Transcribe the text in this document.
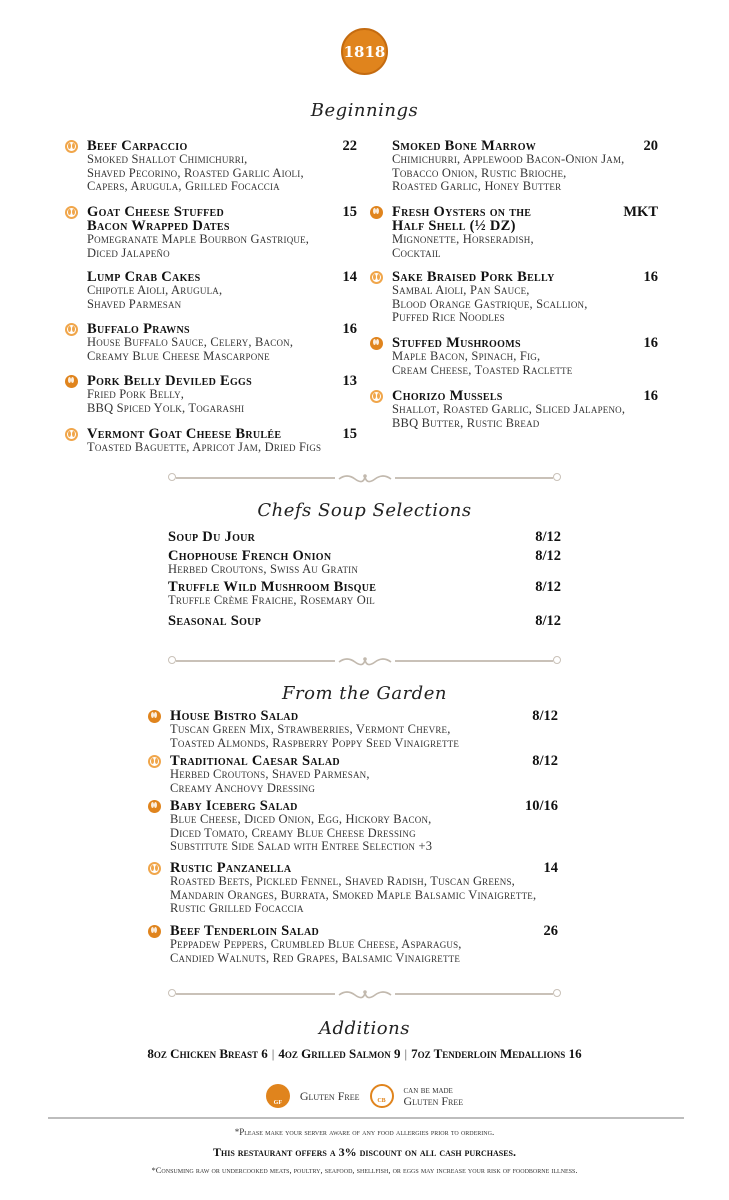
1818
Beginnings
Beef Carpaccio	22
Smoked Shallot Chimichurri,
Shaved Pecorino, Roasted Garlic Aioli,
Capers, Arugula, Grilled Focaccia
Goat Cheese Stuffed
Bacon Wrapped Dates
15
Pomegranate Maple Bourbon Gastrique,
Diced Jalapeño
Lump Crab Cakes	14
Chipotle Aioli, Arugula,
Shaved Parmesan
Buffalo Prawns	16
House Buffalo Sauce, Celery, Bacon,
Creamy Blue Cheese Mascarpone
Pork Belly Deviled Eggs	13
Fried Pork Belly,
BBQ Spiced Yolk, Togarashi
Vermont Goat Cheese Bruléе	15
Toasted Baguette, Apricot Jam, Dried Figs
Smoked Bone Marrow	20
Chimichurri, Applewood Bacon-Onion Jam,
Tobacco Onion, Rustic Brioche,
Roasted Garlic, Honey Butter
Fresh Oysters on the
Half Shell (½ DZ)
MKT
Mignonette, Horseradish,
Cocktail
Sake Braised Pork Belly	16
Sambal Aioli, Pan Sauce,
Blood Orange Gastrique, Scallion,
Puffed Rice Noodles
Stuffed Mushrooms	16
Maple Bacon, Spinach, Fig,
Cream Cheese, Toasted Raclette
Chorizo Mussels	16
Shallot, Roasted Garlic, Sliced Jalapeno,
BBQ Butter, Rustic Bread
Chefs Soup Selections
Soup Du Jour	8/12
Chophouse French Onion	8/12
Herbed Croutons, Swiss Au Gratin
Truffle Wild Mushroom Bisque	8/12
Truffle Crème Fraiche, Rosemary Oil
Seasonal Soup	8/12
From the Garden
House Bistro Salad	8/12
Tuscan Green Mix, Strawberries, Vermont Chevre,
Toasted Almonds, Raspberry Poppy Seed Vinaigrette
Traditional Caesar Salad	8/12
Herbed Croutons, Shaved Parmesan,
Creamy Anchovy Dressing
Baby Iceberg Salad	10/16
Blue Cheese, Diced Onion, Egg, Hickory Bacon,
Diced Tomato, Creamy Blue Cheese Dressing
Substitute Side Salad with Entree Selection +3
Rustic Panzanella	14
Roasted Beets, Pickled Fennel, Shaved Radish, Tuscan Greens,
Mandarin Oranges, Burrata, Smoked Maple Balsamic Vinaigrette,
Rustic Grilled Focaccia
Beef Tenderloin Salad	26
Peppadew Peppers, Crumbled Blue Cheese, Asparagus,
Candied Walnuts, Red Grapes, Balsamic Vinaigrette
Additions
8oz Chicken Breast 6 | 4oz Grilled Salmon 9 | 7oz Tenderloin Medallions 16
GF
Gluten Free	CB
can be made
Gluten Free
*Please make your server aware of any food allergies prior to ordering.
This restaurant offers a 3% discount on all cash purchases.
*Consuming raw or undercooked meats, poultry, seafood, shellfish, or eggs may increase your risk of foodborne illness.
